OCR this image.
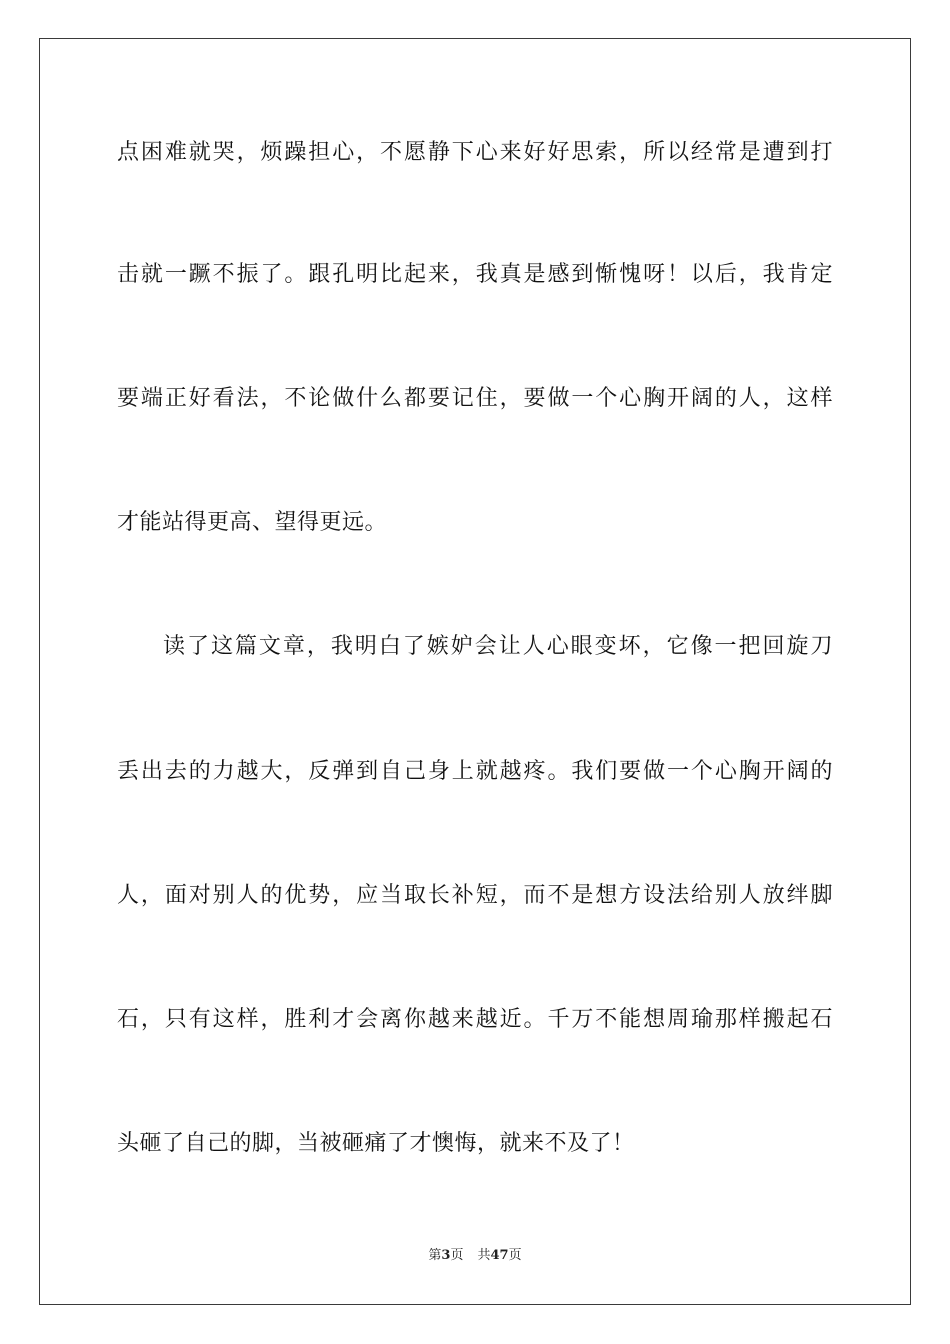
点困难就哭，烦躁担心，不愿静下心来好好思索，所以经常是遭到打
击就一蹶不振了。跟孔明比起来，我真是感到惭愧呀！以后，我肯定
要端正好看法，不论做什么都要记住，要做一个心胸开阔的人，这样
才能站得更高、望得更远。
读了这篇文章，我明白了嫉妒会让人心眼变坏，它像一把回旋刀
丢出去的力越大，反弹到自己身上就越疼。我们要做一个心胸开阔的
人，面对别人的优势，应当取长补短，而不是想方设法给别人放绊脚
石，只有这样，胜利才会离你越来越近。千万不能想周瑜那样搬起石
头砸了自己的脚，当被砸痛了才懊悔，就来不及了！
第3页 共47页
